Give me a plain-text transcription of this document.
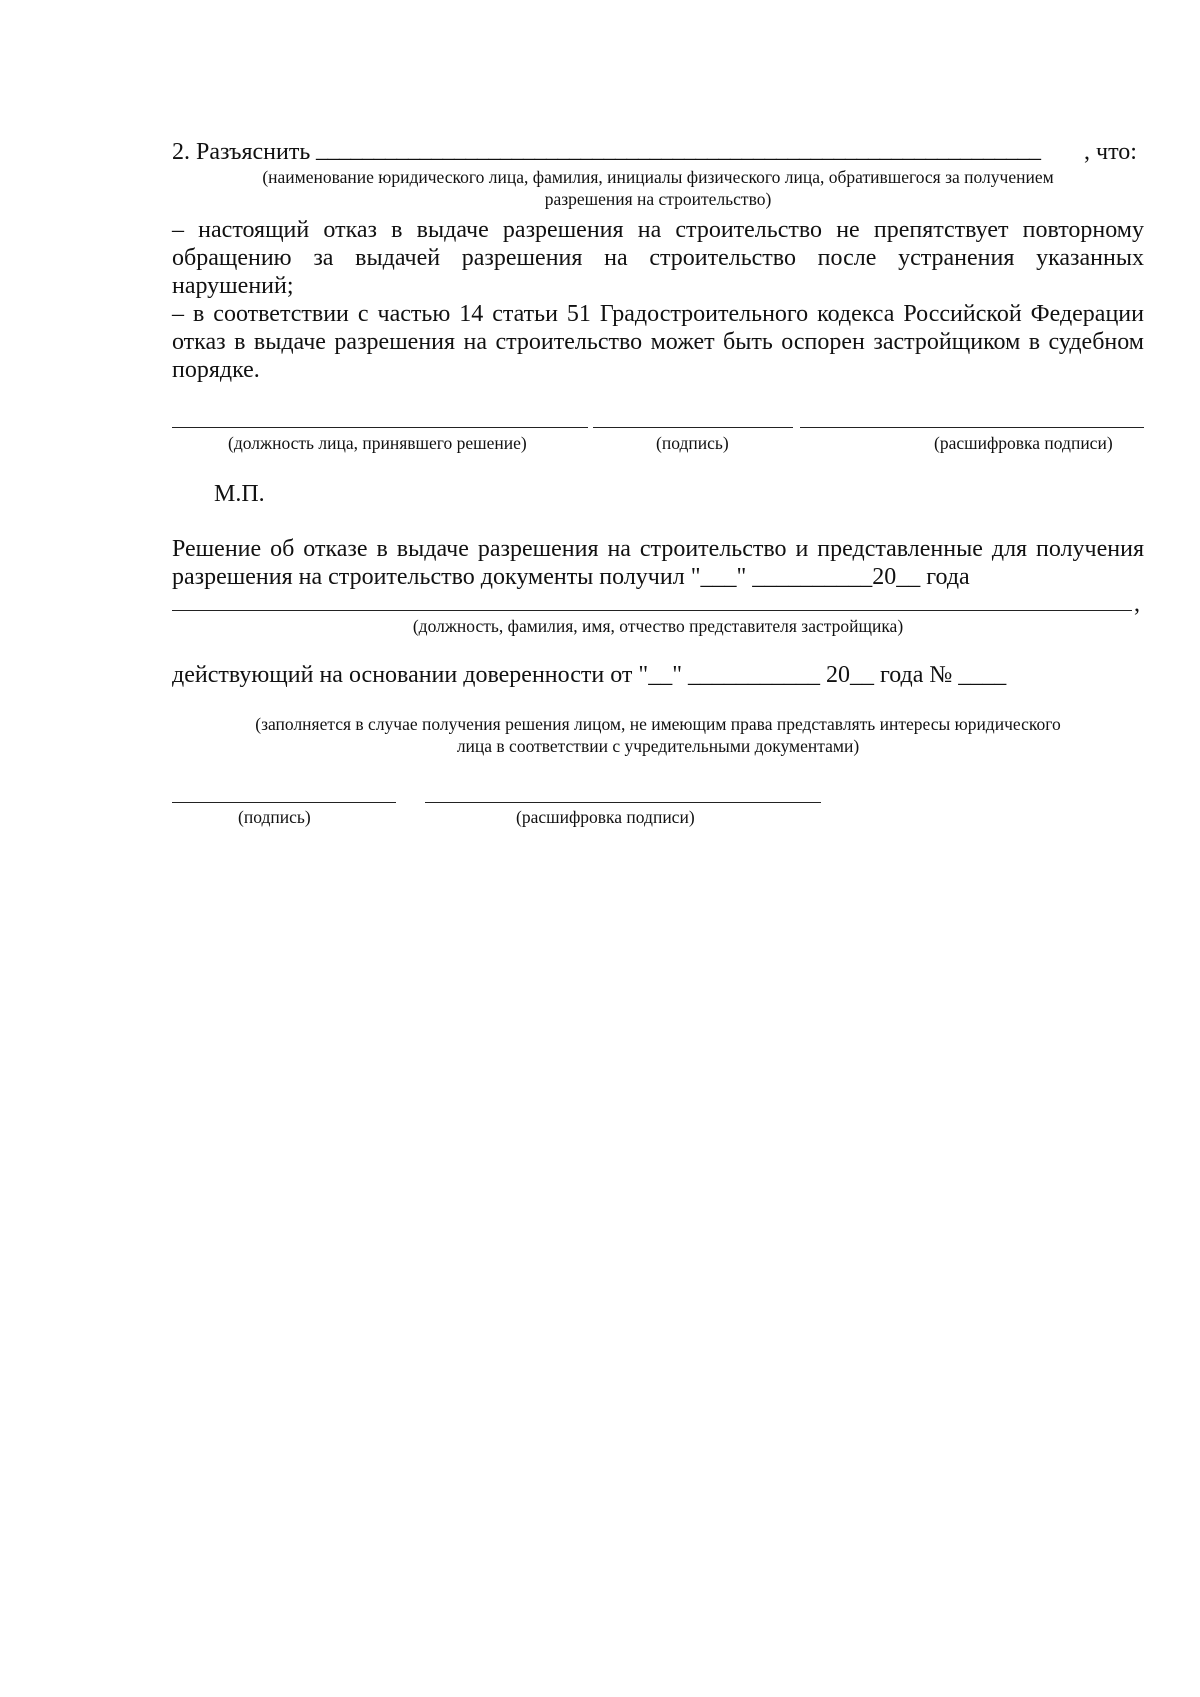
2. Разъяснить _______________________________________________________________ , что:
(наименование юридического лица, фамилия, инициалы физического лица, обратившегося за получением
разрешения на строительство)
– настоящий отказ в выдаче разрешения на строительство не препятствует повторному
обращению за выдачей разрешения на строительство после устранения указанных
нарушений;
– в соответствии с частью 14 статьи 51 Градостроительного кодекса Российской Федерации
отказ в выдаче разрешения на строительство может быть оспорен застройщиком в судебном
порядке.
(должность лица, принявшего решение)	(подпись)	(расшифровка подписи)
М.П.
Решение об отказе в выдаче разрешения на строительство и представленные для получения
разрешения на строительство документы получил "___" __________20__ года
,
(должность, фамилия, имя, отчество представителя застройщика)
действующий на основании доверенности от "__" ___________ 20__ года № ____
(заполняется в случае получения решения лицом, не имеющим права представлять интересы юридического
лица в соответствии с учредительными документами)
(подпись)	(расшифровка подписи)
